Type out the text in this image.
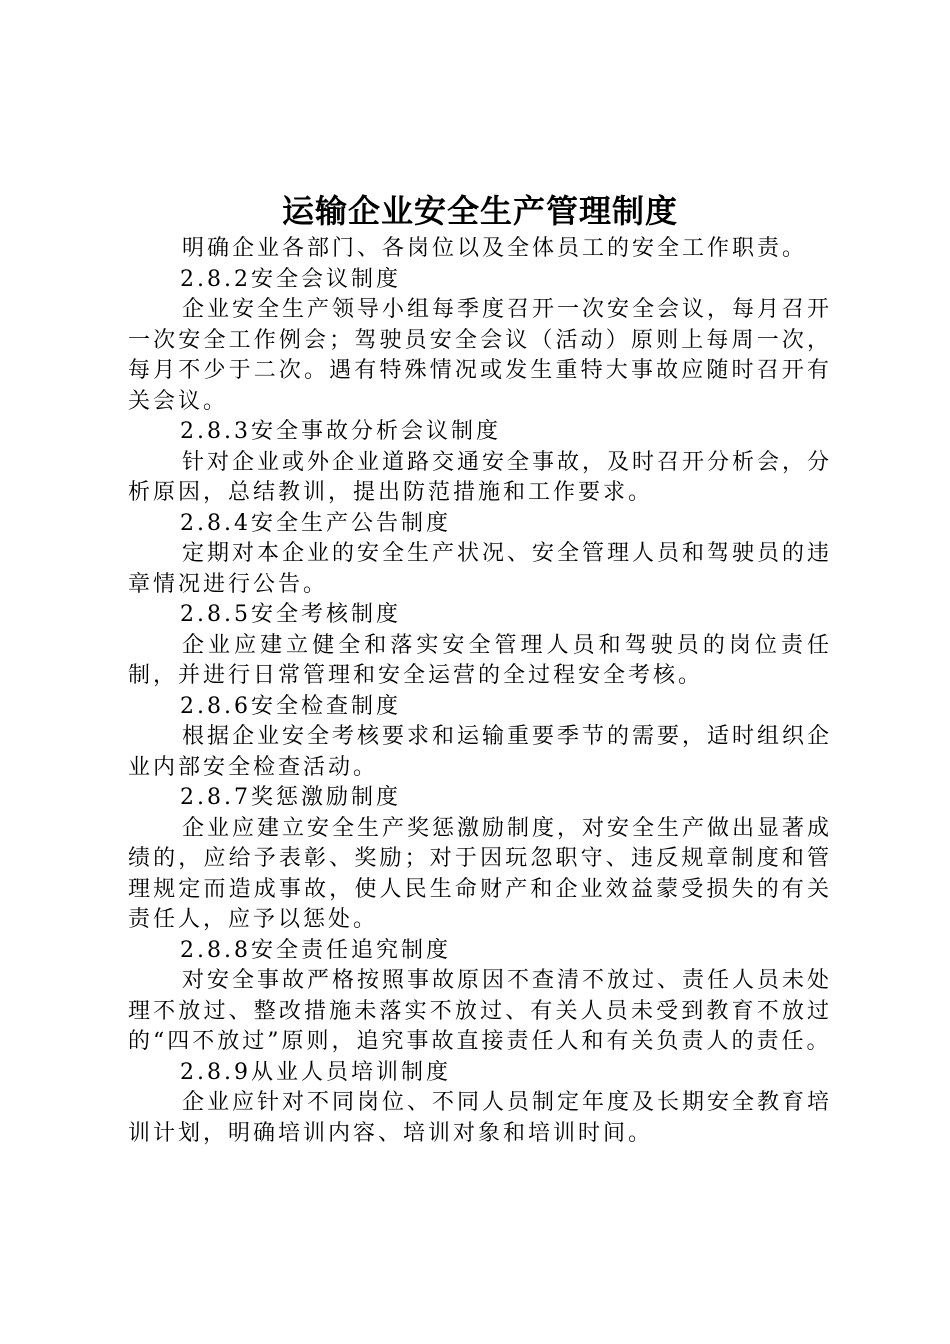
运输企业安全生产管理制度

明确企业各部门、各岗位以及全体员工的安全工作职责。

2.8.2安全会议制度

企业安全生产领导小组每季度召开一次安全会议，每月召开一次安全工作例会；驾驶员安全会议（活动）原则上每周一次，每月不少于二次。遇有特殊情况或发生重特大事故应随时召开有关会议。

2.8.3安全事故分析会议制度

针对企业或外企业道路交通安全事故，及时召开分析会，分析原因，总结教训，提出防范措施和工作要求。

2.8.4安全生产公告制度

定期对本企业的安全生产状况、安全管理人员和驾驶员的违章情况进行公告。

2.8.5安全考核制度

企业应建立健全和落实安全管理人员和驾驶员的岗位责任制，并进行日常管理和安全运营的全过程安全考核。

2.8.6安全检查制度

根据企业安全考核要求和运输重要季节的需要，适时组织企业内部安全检查活动。

2.8.7奖惩激励制度

企业应建立安全生产奖惩激励制度，对安全生产做出显著成绩的，应给予表彰、奖励；对于因玩忽职守、违反规章制度和管理规定而造成事故，使人民生命财产和企业效益蒙受损失的有关责任人，应予以惩处。

2.8.8安全责任追究制度

对安全事故严格按照事故原因不查清不放过、责任人员未处理不放过、整改措施未落实不放过、有关人员未受到教育不放过的“四不放过”原则，追究事故直接责任人和有关负责人的责任。

2.8.9从业人员培训制度

企业应针对不同岗位、不同人员制定年度及长期安全教育培训计划，明确培训内容、培训对象和培训时间。
